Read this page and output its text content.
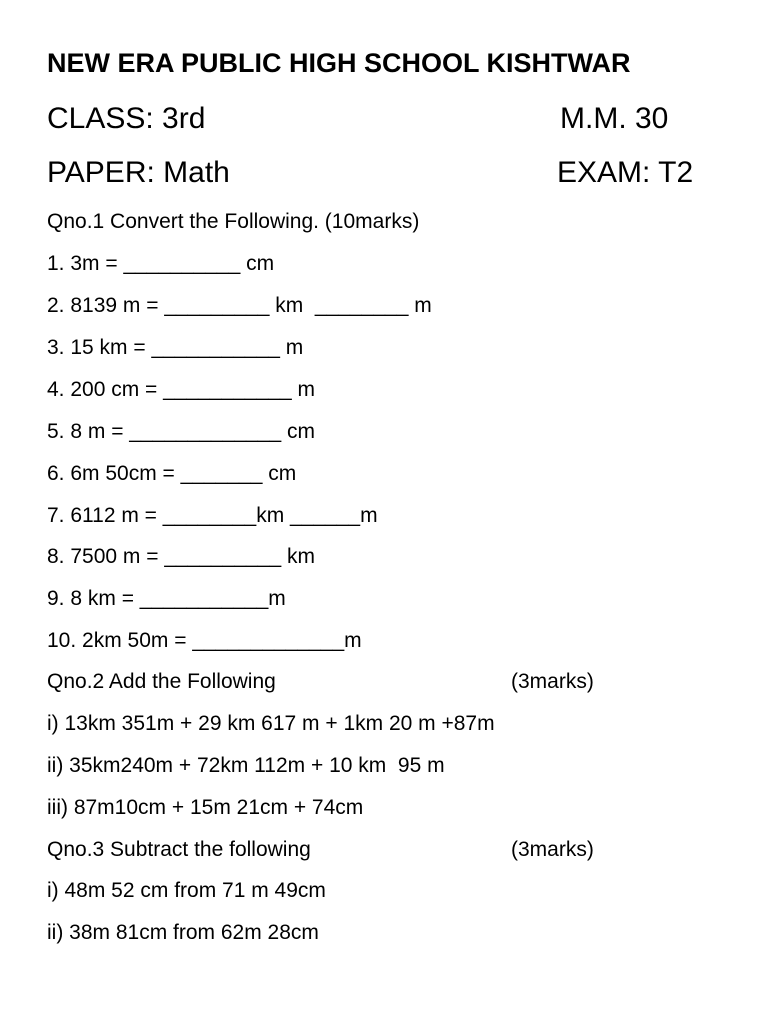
NEW ERA PUBLIC HIGH SCHOOL KISHTWAR
CLASS: 3rd	M.M. 30
PAPER: Math	EXAM: T2
Qno.1 Convert the Following. (10marks)
1. 3m = __________ cm
2. 8139 m = _________ km  ________ m
3. 15 km = ___________ m
4. 200 cm = ___________ m
5. 8 m = _____________ cm
6. 6m 50cm = _______ cm
7. 6112 m = ________km ______m
8. 7500 m = __________ km
9. 8 km = ___________m
10. 2km 50m = _____________m
Qno.2 Add the Following	(3marks)
i) 13km 351m + 29 km 617 m + 1km 20 m +87m
ii) 35km240m + 72km 112m + 10 km  95 m
iii) 87m10cm + 15m 21cm + 74cm
Qno.3 Subtract the following	(3marks)
i) 48m 52 cm from 71 m 49cm
ii) 38m 81cm from 62m 28cm
